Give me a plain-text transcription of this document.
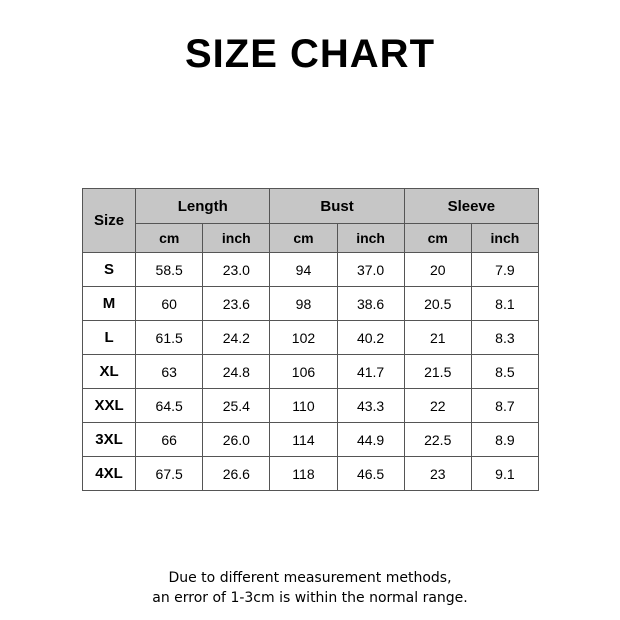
SIZE CHART
Size	Length		Bust		Sleeve	
	cm	inch	cm	inch	cm	inch
S	58.5	23.0	94	37.0	20	7.9
M	60	23.6	98	38.6	20.5	8.1
L	61.5	24.2	102	40.2	21	8.3
XL	63	24.8	106	41.7	21.5	8.5
XXL	64.5	25.4	110	43.3	22	8.7
3XL	66	26.0	114	44.9	22.5	8.9
4XL	67.5	26.6	118	46.5	23	9.1
Due to different measurement methods,
an error of 1-3cm is within the normal range.
